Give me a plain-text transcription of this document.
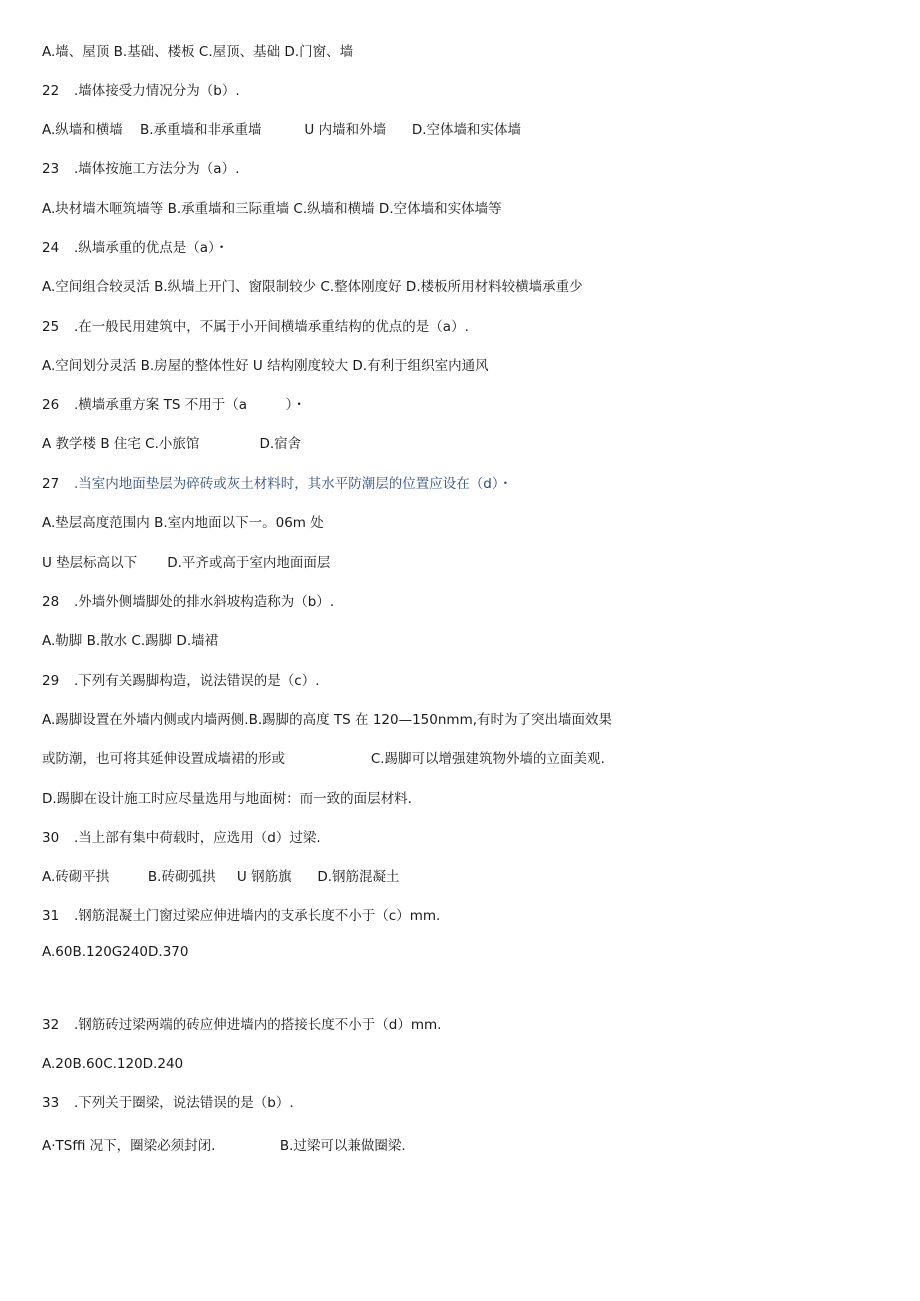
A.墙、屋顶 B.基础、楼板 C.屋顶、基础 D.门窗、墙
22 .墙体接受力情况分为（b）.
A.纵墙和横墙    B.承重墙和非承重墙          U 内墙和外墙      D.空体墙和实体墙
23 .墙体按施工方法分为（a）.
A.块材墙木咂筑墙等 B.承重墙和三际重墙 C.纵墙和横墙 D.空体墙和实体墙等
24 .纵墙承重的优点是（a）・
A.空间组合较灵活 B.纵墙上开门、窗限制较少 C.整体刚度好 D.楼板所用材料较横墙承重少
25 .在一般民用建筑中，不属于小开间横墙承重结构的优点的是（a）.
A.空间划分灵活 B.房屋的整体性好 U 结构刚度较大 D.有利于组织室内通风
26 .横墙承重方案 TS 不用于（a         ）・
A 教学楼 B 住宅 C.小旅馆              D.宿舍
27 .当室内地面垫层为碎砖或灰土材料时，其水平防潮层的位置应设在（d）・
A.垫层高度范围内 B.室内地面以下一。06m 处
U 垫层标高以下       D.平齐或高于室内地面面层
28 .外墙外侧墙脚处的排水斜坡构造称为（b）.
A.勒脚 B.散水 C.踢脚 D.墙裙
29 .下列有关踢脚构造，说法错误的是（c）.
A.踢脚设置在外墙内侧或内墙两侧.B.踢脚的高度 TS 在 120—150nmm,有时为了突出墙面效果
或防潮，也可将其延伸设置成墙裙的形或                    C.踢脚可以增强建筑物外墙的立面美观.
D.踢脚在设计施工时应尽量选用与地面树：而一致的面层材料.
30 .当上部有集中荷载时，应选用（d）过梁.
A.砖砌平拱         B.砖砌弧拱     U 钢筋旗      D.钢筋混凝土
31 .钢筋混凝土门窗过梁应伸进墙内的支承长度不小于（c）mm.
A.60B.120G240D.370
32 .钢筋砖过梁两端的砖应伸进墙内的搭接长度不小于（d）mm.
A.20B.60C.120D.240
33 .下列关于圈梁，说法错误的是（b）.
A·TSffi 况下，圈梁必须封闭.               B.过梁可以兼做圈梁.
